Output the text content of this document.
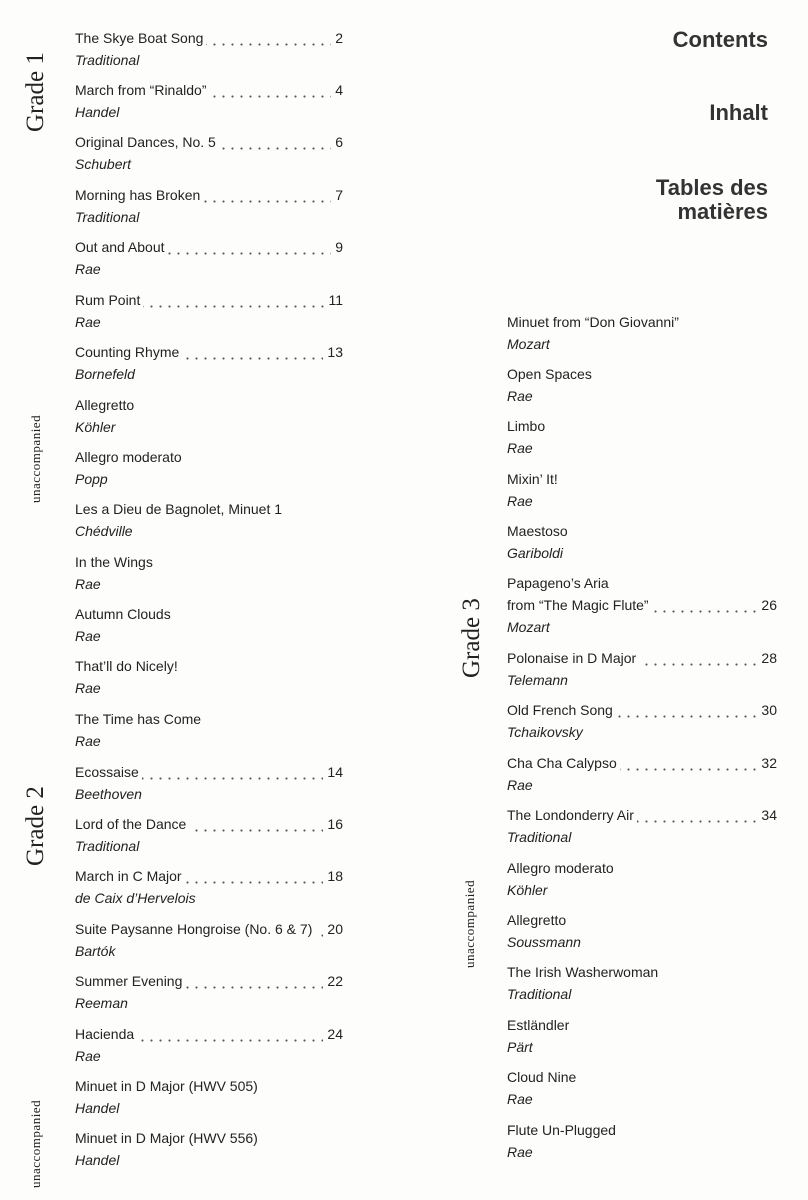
Grade 1
unaccompanied
Grade 2
unaccompanied
Grade 3
unaccompanied
Contents
Inhalt
Tables des
matières
The Skye Boat Song	2
Traditional
March from “Rinaldo”	4
Handel
Original Dances, No. 5	6
Schubert
Morning has Broken	7
Traditional
Out and About	9
Rae
Rum Point	11
Rae
Counting Rhyme	13
Bornefeld
Allegretto
Köhler
Allegro moderato
Popp
Les a Dieu de Bagnolet, Minuet 1
Chédville
In the Wings
Rae
Autumn Clouds
Rae
That’ll do Nicely!
Rae
The Time has Come
Rae
Ecossaise	14
Beethoven
Lord of the Dance	16
Traditional
March in C Major	18
de Caix d’Hervelois
Suite Paysanne Hongroise (No. 6 & 7) 20
Bartók
Summer Evening	22
Reeman
Hacienda	24
Rae
Minuet in D Major (HWV 505)
Handel
Minuet in D Major (HWV 556)
Handel
Minuet from “Don Giovanni”
Mozart
Open Spaces
Rae
Limbo
Rae
Mixin’ It!
Rae
Maestoso
Gariboldi
Papageno’s Aria
from “The Magic Flute”	26
Mozart
Polonaise in D Major	28
Telemann
Old French Song	30
Tchaikovsky
Cha Cha Calypso	32
Rae
The Londonderry Air	34
Traditional
Allegro moderato
Köhler
Allegretto
Soussmann
The Irish Washerwoman
Traditional
Estländler
Pärt
Cloud Nine
Rae
Flute Un-Plugged
Rae
